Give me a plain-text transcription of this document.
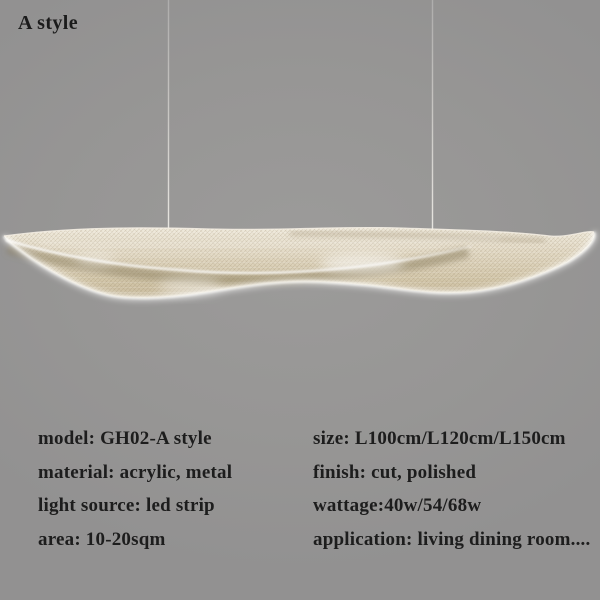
A style
model: GH02-A style
material: acrylic, metal
light source: led strip
area: 10-20sqm
size: L100cm/L120cm/L150cm
finish: cut, polished
wattage:40w/54/68w
application: living dining room....
